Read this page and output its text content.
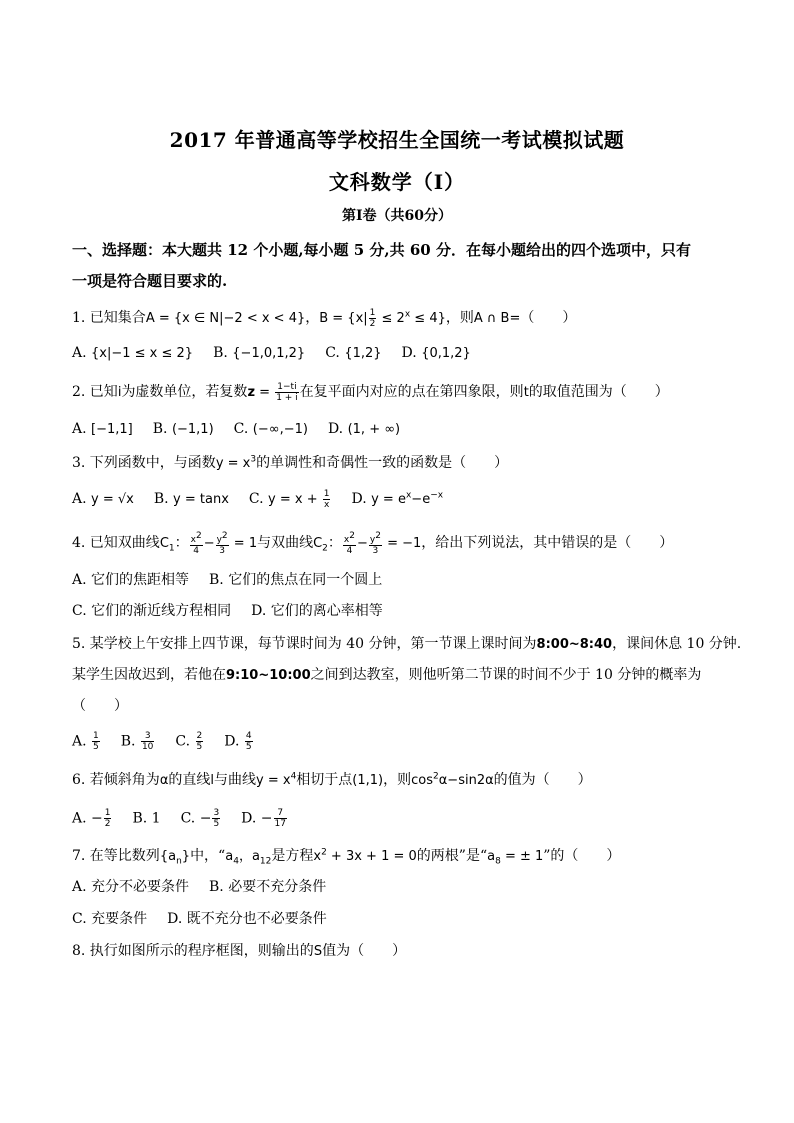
2017 年普通高等学校招生全国统一考试模拟试题
文科数学（Ⅰ）
第Ⅰ卷（共60分）
一、选择题：本大题共 12 个小题,每小题 5 分,共 60 分．在每小题给出的四个选项中，只有
一项是符合题目要求的.
1. 已知集合A = {x ∈ N|−2 < x < 4}，$B = \{x| \frac{1}{2} \le 2^x \le 4\}$，则A ∩ B=（　　）
A. {x|−1 ≤ x ≤ 2} B. {−1,0,1,2} C. {1,2} D. {0,1,2}
2. 已知i为虚数单位，若复数$z = \frac{1-ti}{1 + i}$ 在复平面内对应的点在第四象限，则t的取值范围为（　　）
A. [−1,1] B. (−1,1) C. (−∞,−1) D. (1, + ∞)
3. 下列函数中，与函数$y = x^3$的单调性和奇偶性一致的函数是（　　）
A. y = √x B. y = tanx C. $y = x + \frac{1}{x} D$. $y = e^x-e^{-x}$
4. 已知双曲线$C_1$： $\frac{x^2}{4} - \frac{y^2}{3} = 1$与双曲线$C_2$： $\frac{x^2}{4} - \frac{y^2}{3} = -1$，给出下列说法，其中错误的是（　　）
A. 它们的焦距相等 B. 它们的焦点在同一个圆上
C. 它们的渐近线方程相同 D. 它们的离心率相等
5. 某学校上午安排上四节课，每节课时间为 40 分钟，第一节课上课时间为8:00~8:40，课间休息 10 分钟.
某学生因故迟到，若他在9:10~10:00之间到达教室，则他听第二节课的时间不少于 10 分钟的概率为
（　　）
A. $\frac{1}{5} B$. $\frac{3}{10} C$. $\frac{2}{5} D$. $\frac{4}{5}$
6. 若倾斜角为α的直线l与曲线$y = x^4$相切于点(1,1)，则$\cos^2\alpha-\sin 2\alpha$的值为（　　）
A. − $\frac{1}{2} B$. 1 C. − $\frac{3}{5} D$. − $\frac{7}{17}$
7. 在等比数列$\{a_n\}$中，“$a_4$，$a_{12}$是方程$x^2 + 3x + 1 = 0$的两根”是“$a_8$ = ± 1”的（　　）
A. 充分不必要条件 B. 必要不充分条件
C. 充要条件 D. 既不充分也不必要条件
8. 执行如图所示的程序框图，则输出的S值为（　　）
